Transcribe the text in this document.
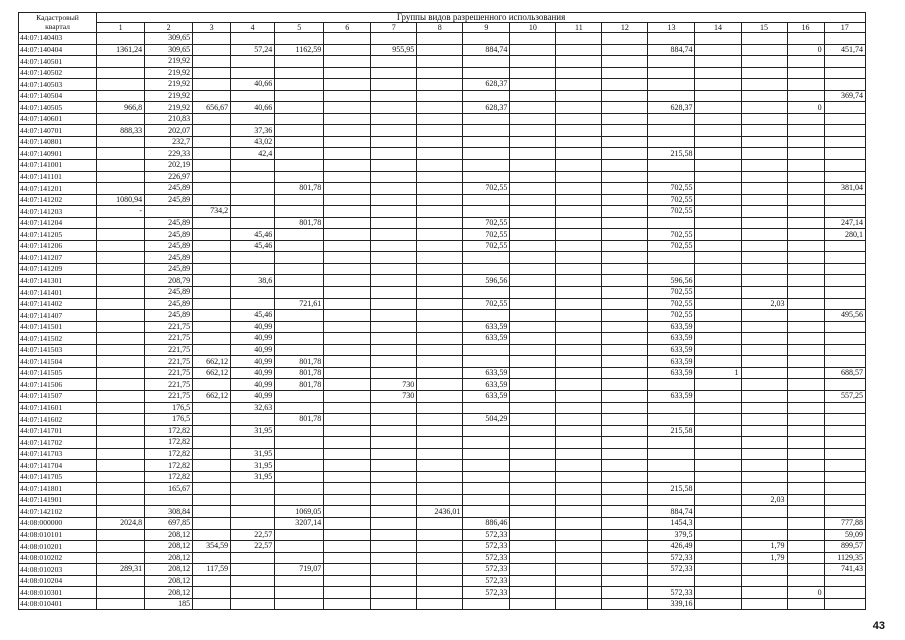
Кадастровый
квартал	Группы видов разрешенного использования																
	1	2	3	4	5	6	7	8	9	10	11	12	13	14	15	16	17
44:07:140403		309,65															
44:07:140404	1361,24	309,65		57,24	1162,59		955,95		884,74				884,74			0	451,74
44:07:140501		219,92															
44:07:140502		219,92															
44:07:140503		219,92		40,66					628,37								
44:07:140504		219,92															369,74
44:07:140505	966,8	219,92	656,67	40,66					628,37				628,37			0	
44:07:140601		210,83															
44:07:140701	888,33	202,07		37,36													
44:07:140801		232,7		43,02													
44:07:140901		229,33		42,4									215,58				
44:07:141001		202,19															
44:07:141101		226,97															
44:07:141201		245,89			801,78				702,55				702,55				381,04
44:07:141202	1080,94	245,89											702,55				
44:07:141203	-		734,2										702,55				
44:07:141204		245,89			801,78				702,55								247,14
44:07:141205		245,89		45,46					702,55				702,55				280,1
44:07:141206		245,89		45,46					702,55				702,55				
44:07:141207		245,89															
44:07:141209		245,89															
44:07:141301		208,79		38,6					596,56				596,56				
44:07:141401		245,89											702,55				
44:07:141402		245,89			721,61				702,55				702,55		2,03		
44:07:141407		245,89		45,46									702,55				495,56
44:07:141501		221,75		40,99					633,59				633,59				
44:07:141502		221,75		40,99					633,59				633,59				
44:07:141503		221,75		40,99									633,59				
44:07:141504		221,75	662,12	40,99	801,78								633,59				
44:07:141505		221,75	662,12	40,99	801,78				633,59				633,59	1			688,57
44:07:141506		221,75		40,99	801,78		730		633,59								
44:07:141507		221,75	662,12	40,99			730		633,59				633,59				557,25
44:07:141601		176,5		32,63													
44:07:141602		176,5			801,78				504,29								
44:07:141701		172,82		31,95									215,58				
44:07:141702		172,82															
44:07:141703		172,82		31,95													
44:07:141704		172,82		31,95													
44:07:141705		172,82		31,95													
44:07:141801		165,67											215,58				
44:07:141901															2,03		
44:07:142102		308,84			1069,05			2436,01					884,74				
44:08:000000	2024,8	697,85			3207,14				886,46				1454,3				777,88
44:08:010101		208,12		22,57					572,33				379,5				59,09
44:08:010201		208,12	354,59	22,57					572,33				426,49		1,79		899,57
44:08:010202		208,12							572,33				572,33		1,79		1129,35
44:08:010203	289,31	208,12	117,59		719,07				572,33				572,33				741,43
44:08:010204		208,12							572,33								
44:08:010301		208,12							572,33				572,33			0	
44:08:010401		185											339,16				
43
